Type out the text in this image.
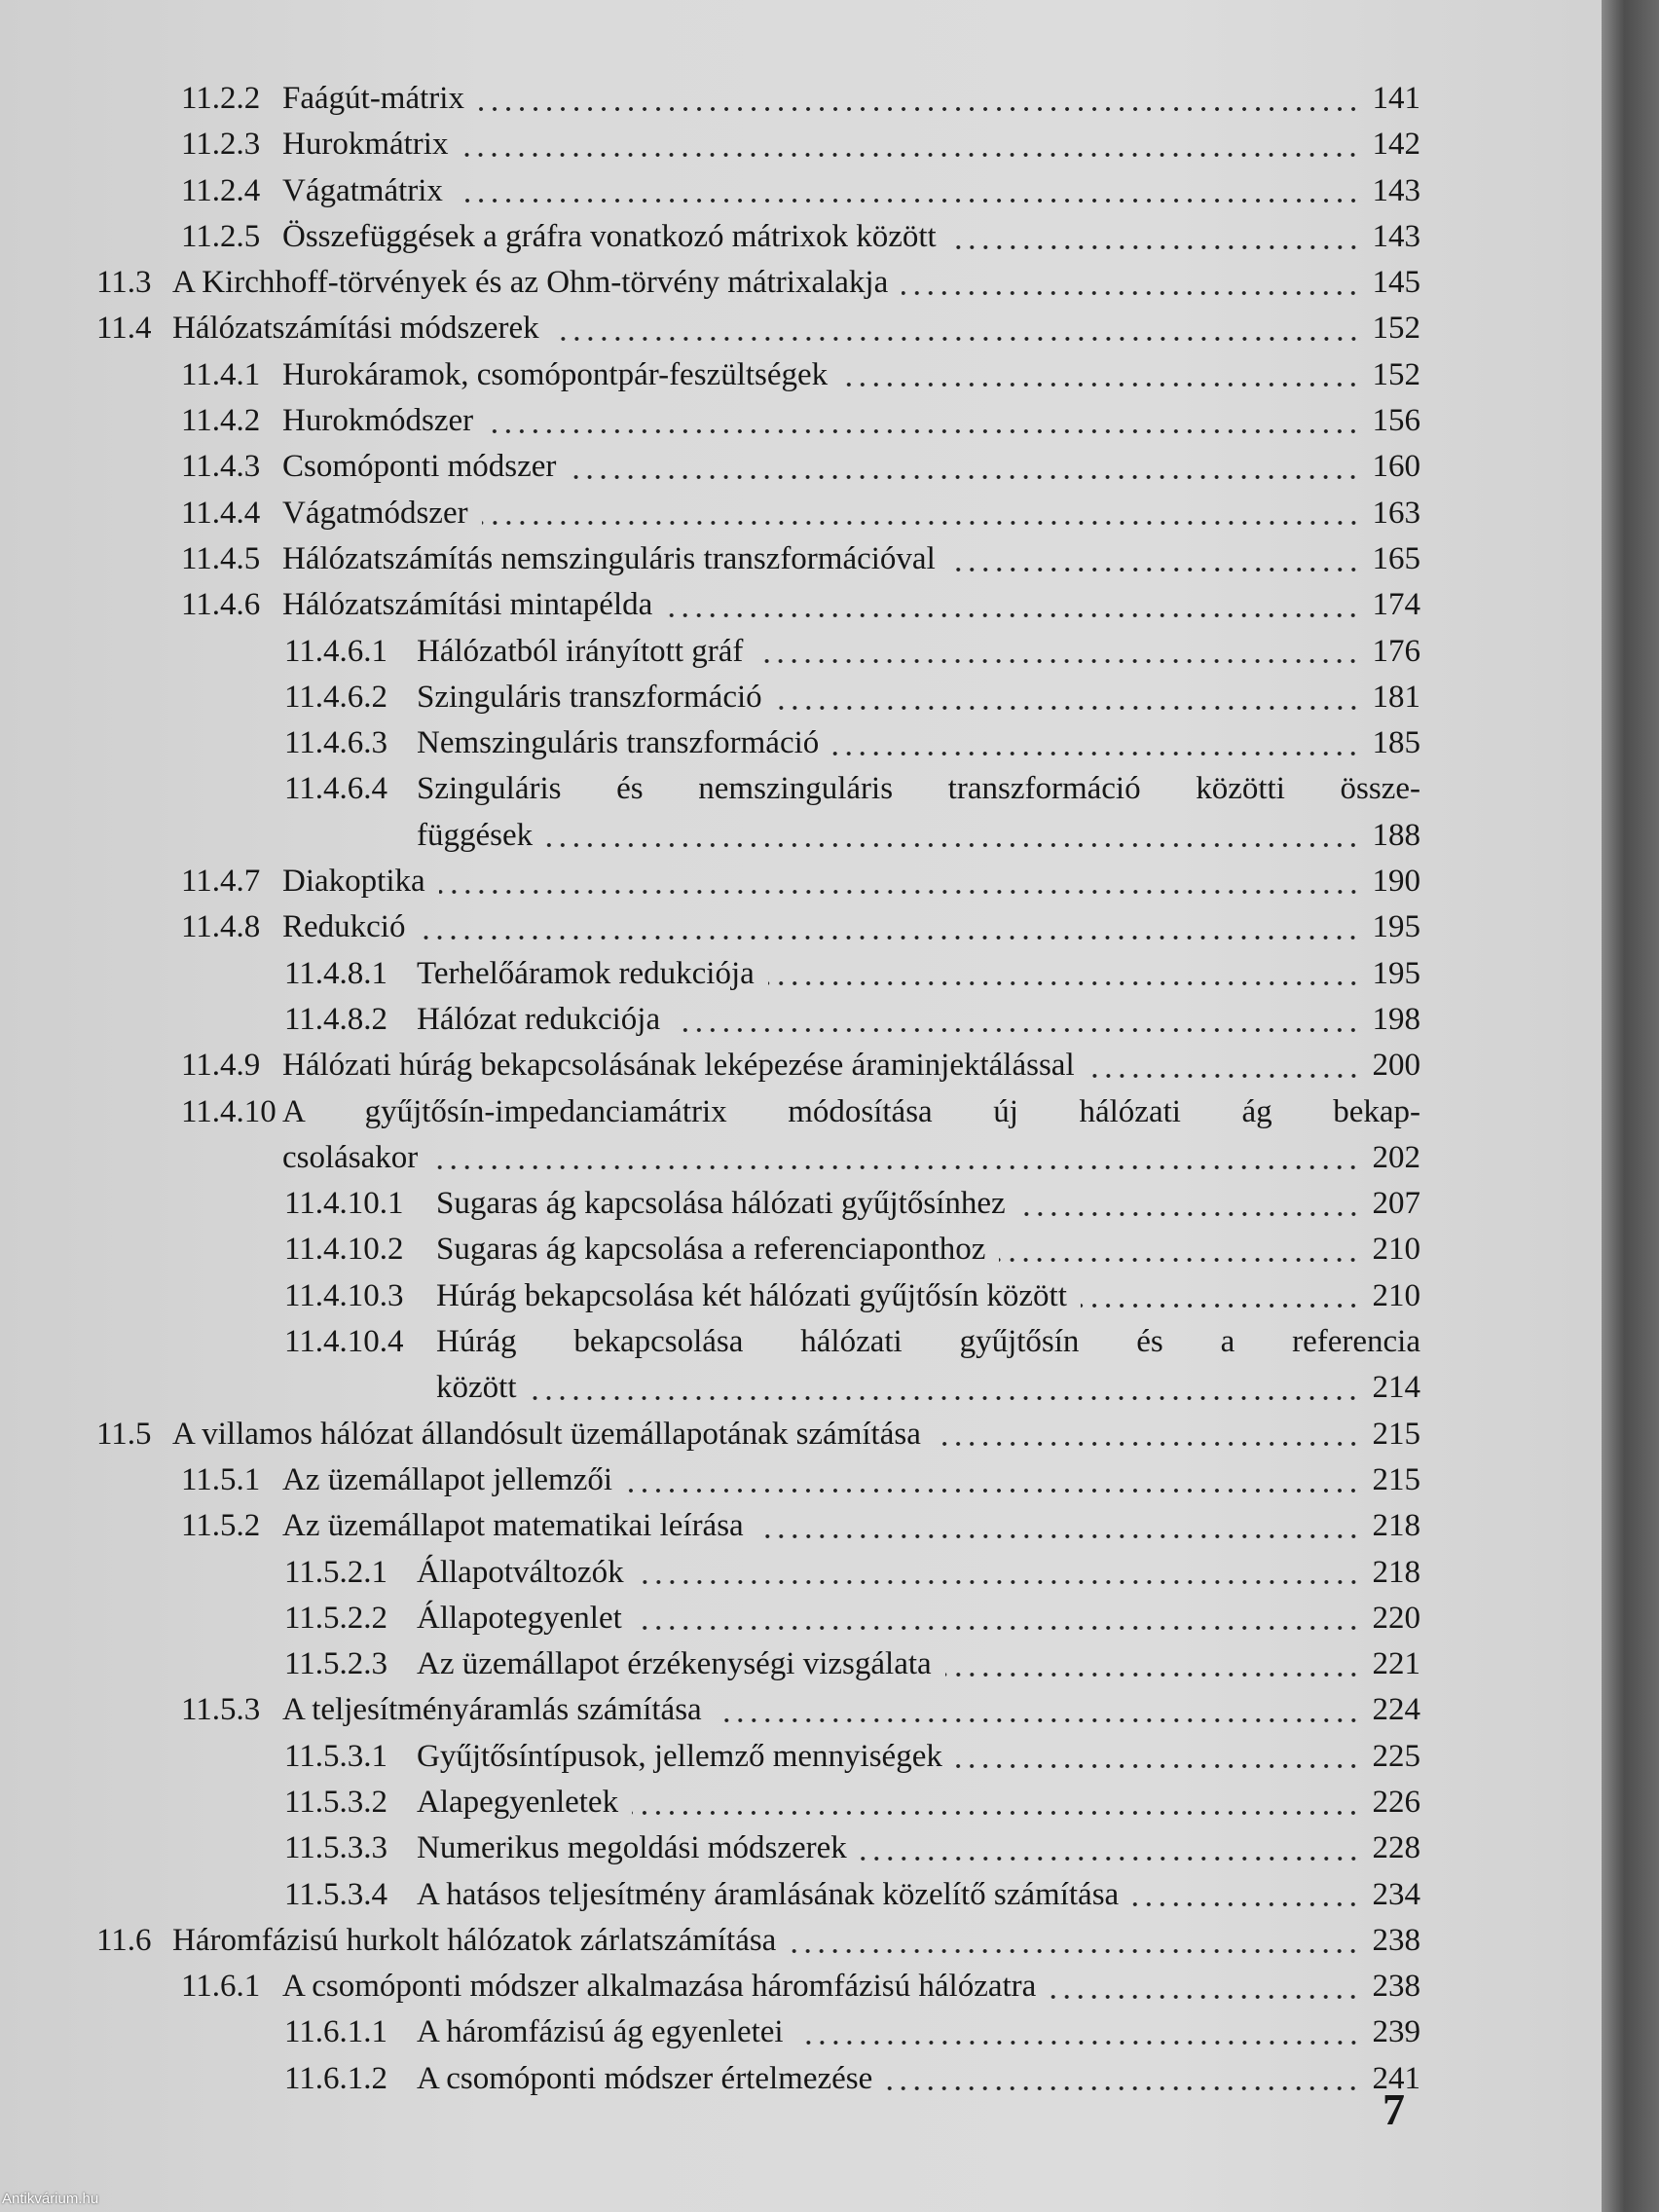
11.2.2 Faágút-mátrix	141
11.2.3 Hurokmátrix	142
11.2.4 Vágatmátrix	143
11.2.5 Összefüggések a gráfra vonatkozó mátrixok között	143
11.3 A Kirchhoff-törvények és az Ohm-törvény mátrixalakja	145
11.4 Hálózatszámítási módszerek	152
11.4.1 Hurokáramok, csomópontpár-feszültségek	152
11.4.2 Hurokmódszer	156
11.4.3 Csomóponti módszer	160
11.4.4 Vágatmódszer	163
11.4.5 Hálózatszámítás nemszinguláris transzformációval	165
11.4.6 Hálózatszámítási mintapélda	174
11.4.6.1 Hálózatból irányított gráf	176
11.4.6.2 Szinguláris transzformáció	181
11.4.6.3 Nemszinguláris transzformáció	185
11.4.6.4 Szinguláris és nemszinguláris transzformáció közötti össze-
függések	188
11.4.7 Diakoptika	190
11.4.8 Redukció	195
11.4.8.1 Terhelőáramok redukciója	195
11.4.8.2 Hálózat redukciója	198
11.4.9 Hálózati húrág bekapcsolásának leképezése áraminjektálással	200
11.4.10 A gyűjtősín-impedanciamátrix módosítása új hálózati ág bekap-
csolásakor	202
11.4.10.1 Sugaras ág kapcsolása hálózati gyűjtősínhez	207
11.4.10.2 Sugaras ág kapcsolása a referenciaponthoz	210
11.4.10.3 Húrág bekapcsolása két hálózati gyűjtősín között	210
11.4.10.4 Húrág bekapcsolása hálózati gyűjtősín és a referencia
között	214
11.5 A villamos hálózat állandósult üzemállapotának számítása	215
11.5.1 Az üzemállapot jellemzői	215
11.5.2 Az üzemállapot matematikai leírása	218
11.5.2.1 Állapotváltozók	218
11.5.2.2 Állapotegyenlet	220
11.5.2.3 Az üzemállapot érzékenységi vizsgálata	221
11.5.3 A teljesítményáramlás számítása	224
11.5.3.1 Gyűjtősíntípusok, jellemző mennyiségek	225
11.5.3.2 Alapegyenletek	226
11.5.3.3 Numerikus megoldási módszerek	228
11.5.3.4 A hatásos teljesítmény áramlásának közelítő számítása	234
11.6 Háromfázisú hurkolt hálózatok zárlatszámítása	238
11.6.1 A csomóponti módszer alkalmazása háromfázisú hálózatra	238
11.6.1.1 A háromfázisú ág egyenletei	239
11.6.1.2 A csomóponti módszer értelmezése	241
7
Antikvárium.hu
